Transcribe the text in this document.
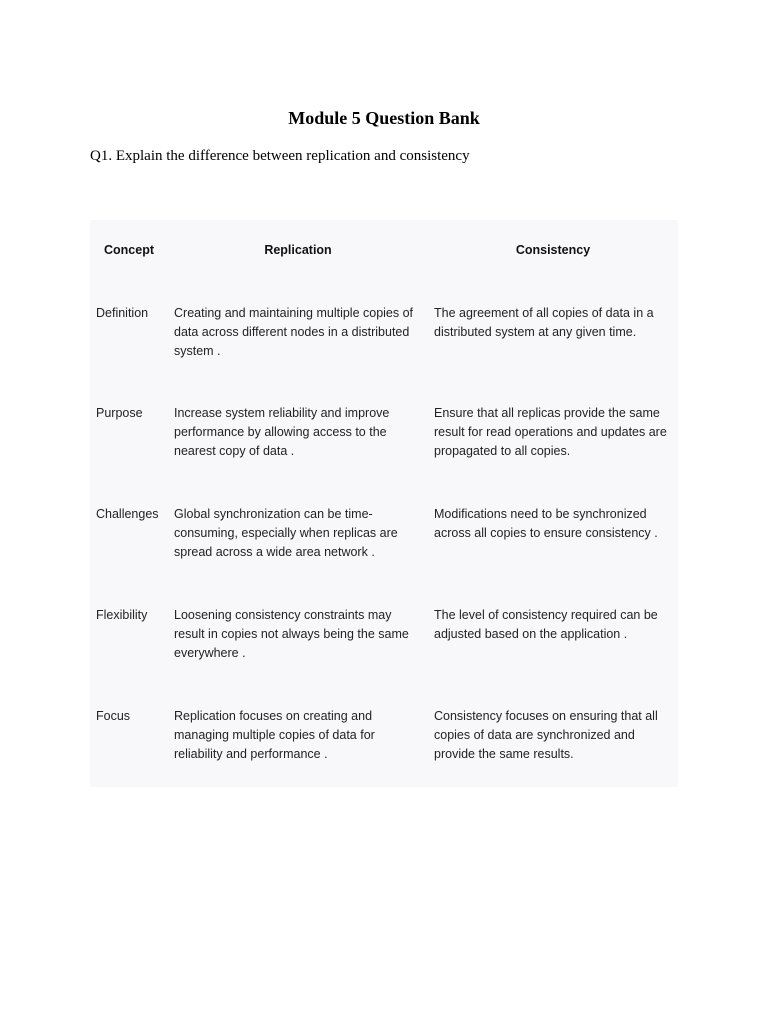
Module 5 Question Bank

Q1. Explain the difference between replication and consistency

Concept	Replication	Consistency
Definition	Creating and maintaining multiple copies of data across different nodes in a distributed system .	The agreement of all copies of data in a distributed system at any given time.
Purpose	Increase system reliability and improve performance by allowing access to the nearest copy of data .	Ensure that all replicas provide the same result for read operations and updates are propagated to all copies.
Challenges	Global synchronization can be time-consuming, especially when replicas are spread across a wide area network .	Modifications need to be synchronized across all copies to ensure consistency .
Flexibility	Loosening consistency constraints may result in copies not always being the same everywhere .	The level of consistency required can be adjusted based on the application .
Focus	Replication focuses on creating and managing multiple copies of data for reliability and performance .	Consistency focuses on ensuring that all copies of data are synchronized and provide the same results.
